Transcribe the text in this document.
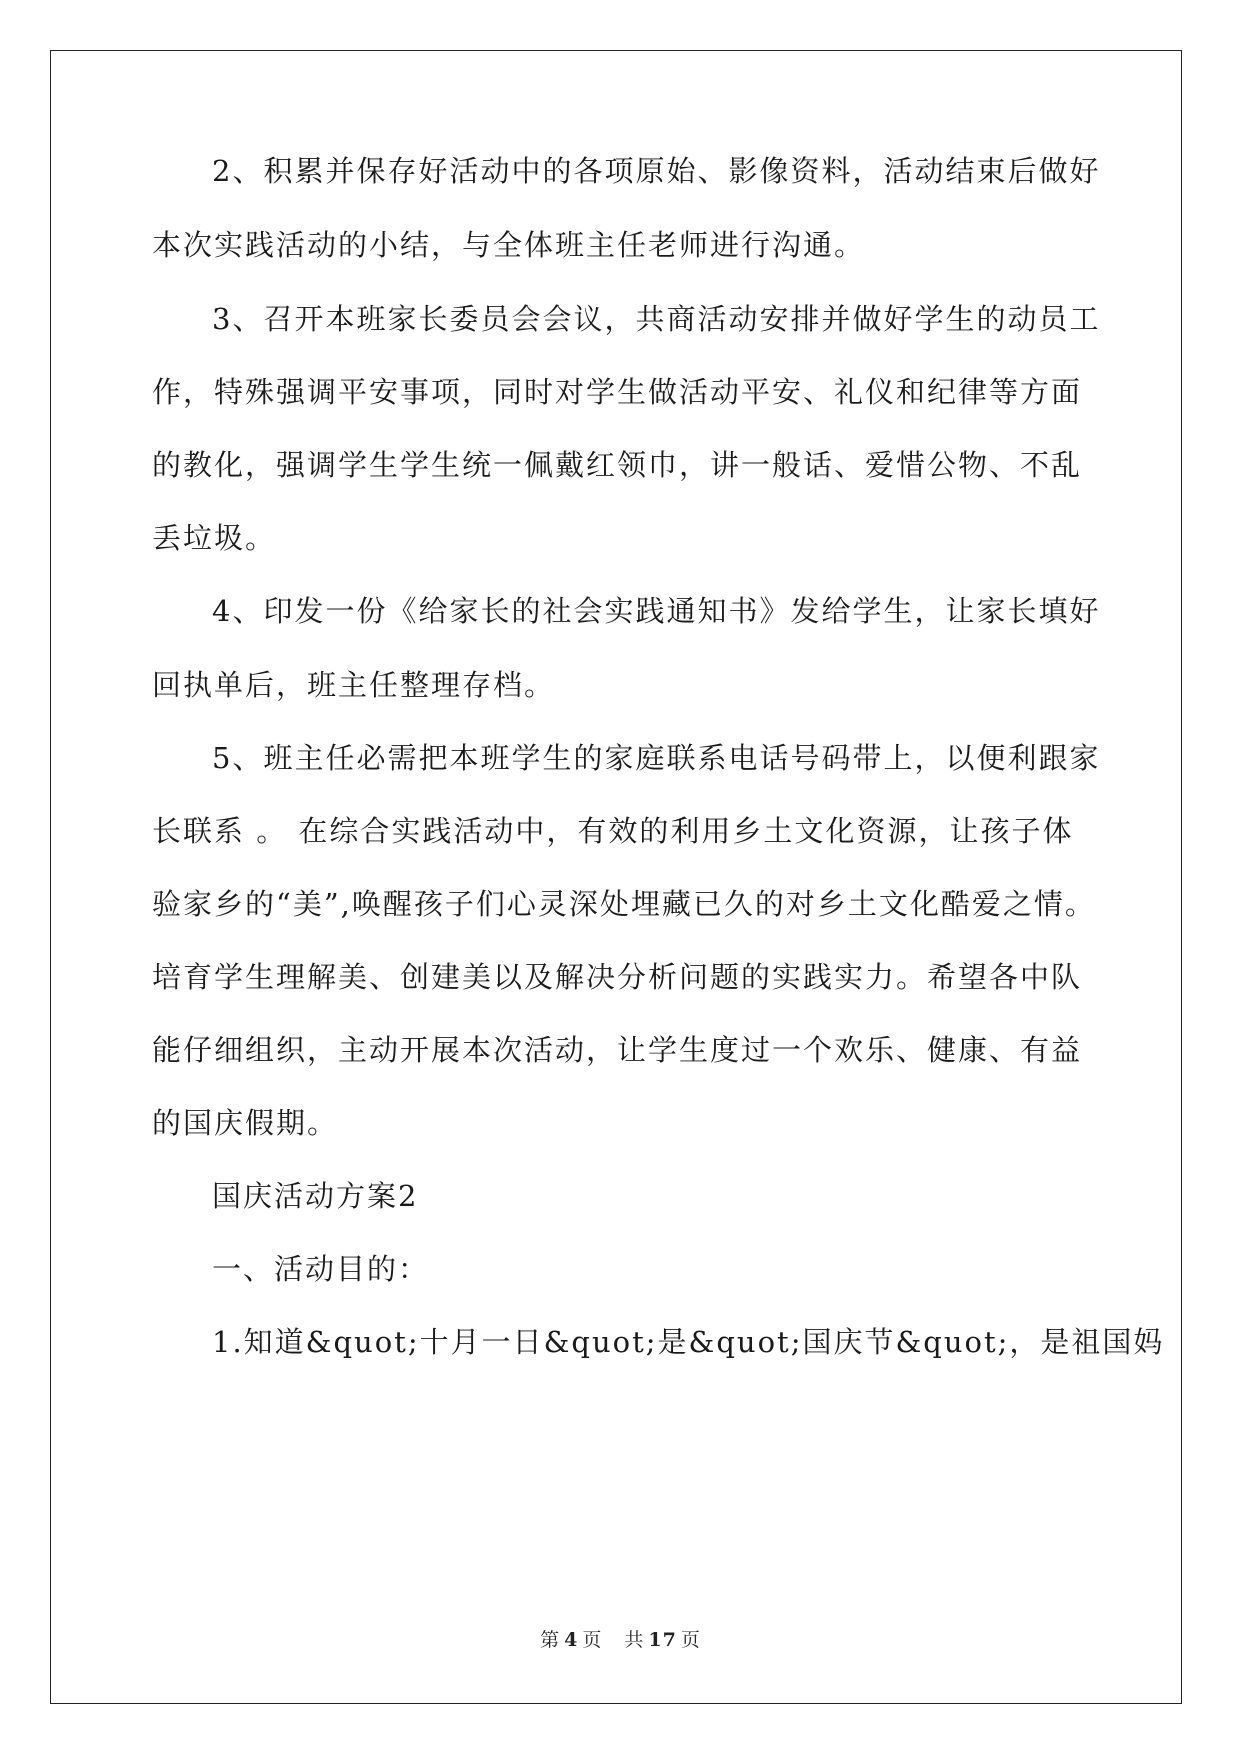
2、积累并保存好活动中的各项原始、影像资料，活动结束后做好
本次实践活动的小结，与全体班主任老师进行沟通。
3、召开本班家长委员会会议，共商活动安排并做好学生的动员工
作，特殊强调平安事项，同时对学生做活动平安、礼仪和纪律等方面
的教化，强调学生学生统一佩戴红领巾，讲一般话、爱惜公物、不乱
丢垃圾。
4、印发一份《给家长的社会实践通知书》发给学生，让家长填好
回执单后，班主任整理存档。
5、班主任必需把本班学生的家庭联系电话号码带上，以便利跟家
长联系 。 在综合实践活动中，有效的利用乡土文化资源，让孩子体
验家乡的“美”,唤醒孩子们心灵深处埋藏已久的对乡土文化酷爱之情。
培育学生理解美、创建美以及解决分析问题的实践实力。希望各中队
能仔细组织，主动开展本次活动，让学生度过一个欢乐、健康、有益
的国庆假期。
国庆活动方案2
一、活动目的：
1.知道&quot;十月一日&quot;是&quot;国庆节&quot;，是祖国妈
第 4 页 共 17 页
